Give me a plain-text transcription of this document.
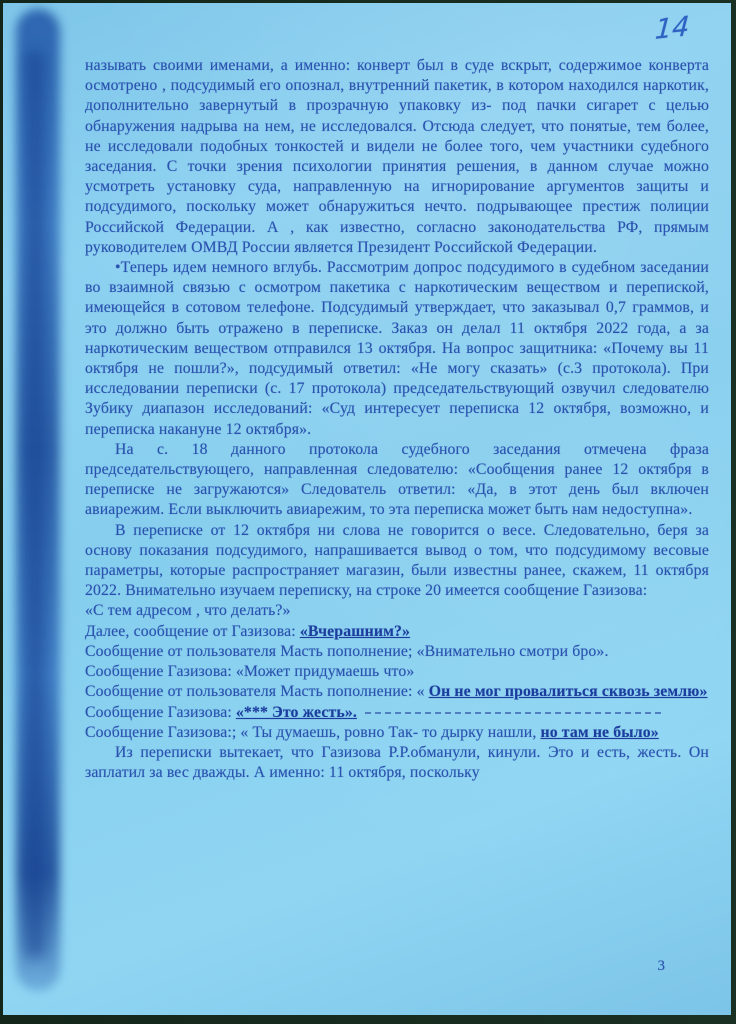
14

называть своими именами, а именно: конверт был в суде вскрыт, содержимое конверта осмотрено , подсудимый его опознал, внутренний пакетик, в котором находился наркотик, дополнительно завернутый в прозрачную упаковку из- под пачки сигарет с целью обнаружения надрыва на нем, не исследовался. Отсюда следует, что понятые, тем более, не исследовали подобных тонкостей и видели не более того, чем участники судебного заседания. С точки зрения психологии принятия решения, в данном случае можно усмотреть установку суда, направленную на игнорирование аргументов защиты и подсудимого, поскольку может обнаружиться нечто. подрывающее престиж полиции Российской Федерации. А , как известно, согласно законодательства РФ, прямым руководителем ОМВД России является Президент Российской Федерации.

•Теперь идем немного вглубь. Рассмотрим допрос подсудимого в судебном заседании во взаимной связью с осмотром пакетика с наркотическим веществом и перепиской, имеющейся в сотовом телефоне. Подсудимый утверждает, что заказывал 0,7 граммов, и это должно быть отражено в переписке. Заказ он делал 11 октября 2022 года, а за наркотическим веществом отправился 13 октября. На вопрос защитника: «Почему вы 11 октября не пошли?», подсудимый ответил: «Не могу сказать» (с.3 протокола). При исследовании переписки (с. 17 протокола) председательствующий озвучил следователю Зубику диапазон исследований: «Суд интересует переписка 12 октября, возможно, и переписка накануне 12 октября».

На с. 18 данного протокола судебного заседания отмечена фраза председательствующего, направленная следователю: «Сообщения ранее 12 октября в переписке не загружаются» Следователь ответил: «Да, в этот день был включен авиарежим. Если выключить авиарежим, то эта переписка может быть нам недоступна».

В переписке от 12 октября ни слова не говорится о весе. Следовательно, беря за основу показания подсудимого, напрашивается вывод о том, что подсудимому весовые параметры, которые распространяет магазин, были известны ранее, скажем, 11 октября 2022. Внимательно изучаем переписку, на строке 20 имеется сообщение Газизова:

«С тем адресом , что делать?»

Далее, сообщение от Газизова: «Вчерашним?»

Сообщение от пользователя Масть пополнение; «Внимательно смотри бро».

Сообщение Газизова: «Может придумаешь что»

Сообщение от пользователя Масть пополнение: « Он не мог провалиться сквозь землю»

Сообщение Газизова: «*** Это жесть».

Сообщение Газизова:; « Ты думаешь, ровно Так- то дырку нашли, но там не было»

Из переписки вытекает, что Газизова Р.Р.обманули, кинули. Это и есть, жесть. Он заплатил за вес дважды. А именно: 11 октября, поскольку

3
